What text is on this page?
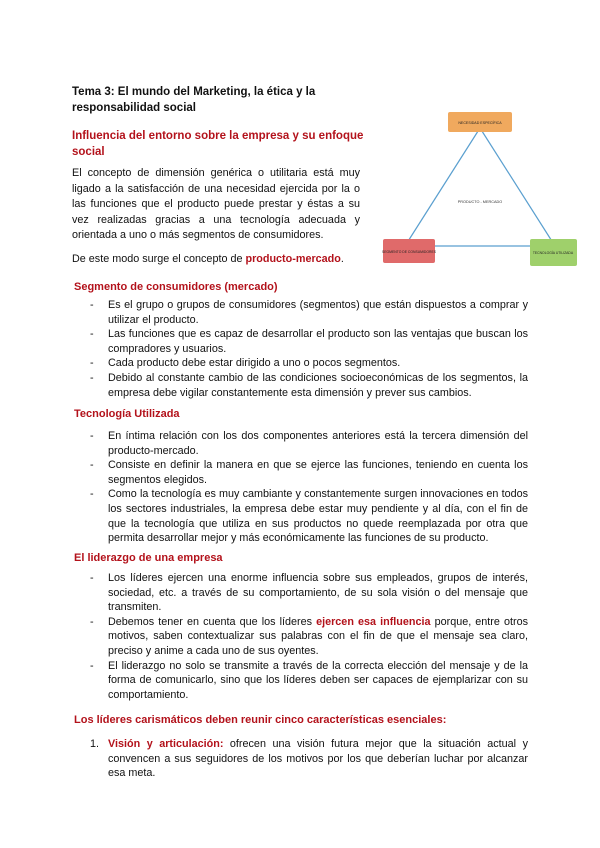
Tema 3: El mundo del Marketing, la ética y la responsabilidad social
Influencia del entorno sobre la empresa y su enfoque social
El concepto de dimensión genérica o utilitaria está muy ligado a la satisfacción de una necesidad ejercida por la o las funciones que el producto puede prestar y éstas a su vez realizadas gracias a una tecnología adecuada y orientada a uno o más segmentos de consumidores.
De este modo surge el concepto de producto-mercado.
NECESIDAD ESPECÍFICA
SEGMENTO DE CONSUMIDORES	TECNOLOGÍA UTILIZADA
PRODUCTO - MERCADO
Segmento de consumidores (mercado)
- Es el grupo o grupos de consumidores (segmentos) que están dispuestos a comprar y utilizar el producto.
- Las funciones que es capaz de desarrollar el producto son las ventajas que buscan los compradores y usuarios.
- Cada producto debe estar dirigido a uno o pocos segmentos.
- Debido al constante cambio de las condiciones socioeconómicas de los segmentos, la empresa debe vigilar constantemente esta dimensión y prever sus cambios.
Tecnología Utilizada
- En íntima relación con los dos componentes anteriores está la tercera dimensión del producto-mercado.
- Consiste en definir la manera en que se ejerce las funciones, teniendo en cuenta los segmentos elegidos.
- Como la tecnología es muy cambiante y constantemente surgen innovaciones en todos los sectores industriales, la empresa debe estar muy pendiente y al día, con el fin de que la tecnología que utiliza en sus productos no quede reemplazada por otra que permita desarrollar mejor y más económicamente las funciones de su producto.
El liderazgo de una empresa
- Los líderes ejercen una enorme influencia sobre sus empleados, grupos de interés, sociedad, etc. a través de su comportamiento, de su sola visión o del mensaje que transmiten.
- Debemos tener en cuenta que los líderes ejercen esa influencia porque, entre otros motivos, saben contextualizar sus palabras con el fin de que el mensaje sea claro, preciso y anime a cada uno de sus oyentes.
- El liderazgo no solo se transmite a través de la correcta elección del mensaje y de la forma de comunicarlo, sino que los líderes deben ser capaces de ejemplarizar con su comportamiento.
Los líderes carismáticos deben reunir cinco características esenciales:
1. Visión y articulación: ofrecen una visión futura mejor que la situación actual y convencen a sus seguidores de los motivos por los que deberían luchar por alcanzar esa meta.
